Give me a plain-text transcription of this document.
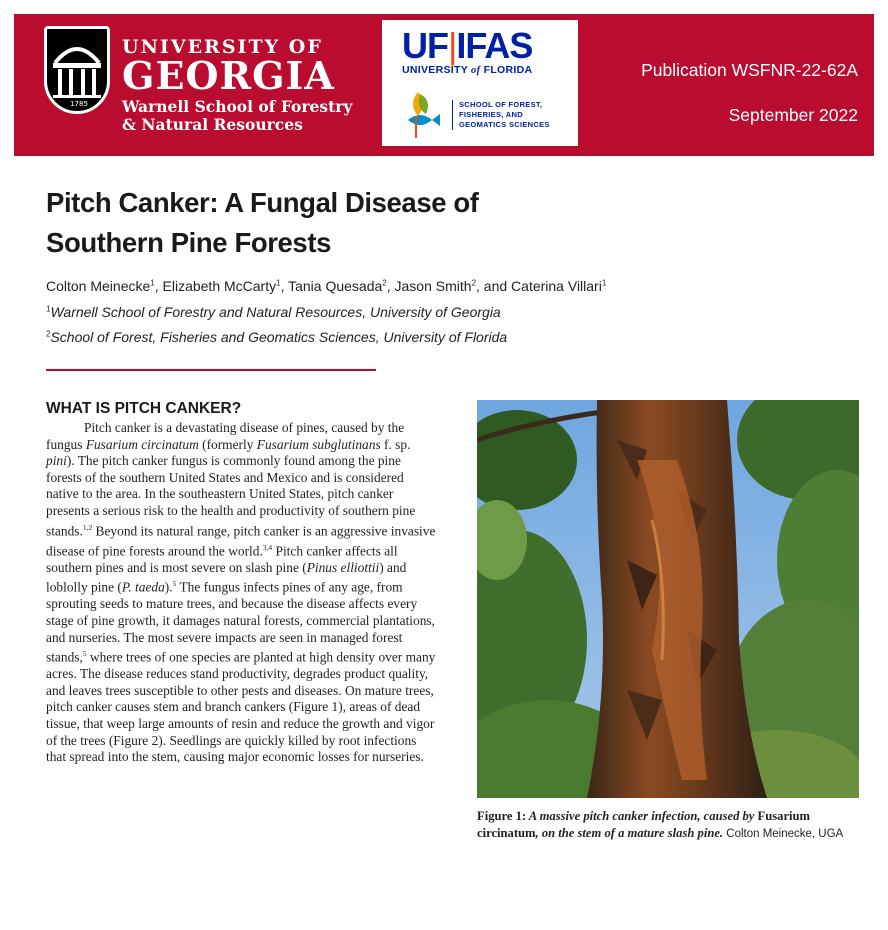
1785
UNIVERSITY OF
GEORGIA
Warnell School of Forestry
& Natural Resources
UF|IFAS
UNIVERSITY of FLORIDA
SCHOOL OF FOREST,
FISHERIES, AND
GEOMATICS SCIENCES
Publication WSFNR-22-62A
September 2022
Pitch Canker: A Fungal Disease of
Southern Pine Forests
Colton Meinecke$^1$, Elizabeth McCarty$^1$, Tania Quesada$^2$, Jason Smith$^2$, and Caterina Villari$^1$
$^1$Warnell School of Forestry and Natural Resources, University of Georgia
$^2$School of Forest, Fisheries and Geomatics Sciences, University of Florida
WHAT IS PITCH CANKER?
Pitch canker is a devastating disease of pines, caused by the fungus Fusarium circinatum (formerly Fusarium subglutinans f. sp. pini). The pitch canker fungus is commonly found among the pine forests of the southern United States and Mexico and is considered native to the area. In the southeastern United States, pitch canker presents a serious risk to the health and productivity of southern pine stands.$^{1,2}$ Beyond its natural range, pitch canker is an aggressive invasive disease of pine forests around the world.$^{3,4}$ Pitch canker affects all southern pines and is most severe on slash pine (Pinus elliottii) and loblolly pine (P. taeda).$^5$ The fungus infects pines of any age, from sprouting seeds to mature trees, and because the disease affects every stage of pine growth, it damages natural forests, commercial plantations, and nurseries. The most severe impacts are seen in managed forest stands,$^5$ where trees of one species are planted at high density over many acres. The disease reduces stand productivity, degrades product quality, and leaves trees susceptible to other pests and diseases. On mature trees, pitch canker causes stem and branch cankers (Figure 1), areas of dead tissue, that weep large amounts of resin and reduce the growth and vigor of the trees (Figure 2). Seedlings are quickly killed by root infections that spread into the stem, causing major economic losses for nurseries.
Figure 1: A massive pitch canker infection, caused by Fusarium circinatum, on the stem of a mature slash pine. Colton Meinecke, UGA
